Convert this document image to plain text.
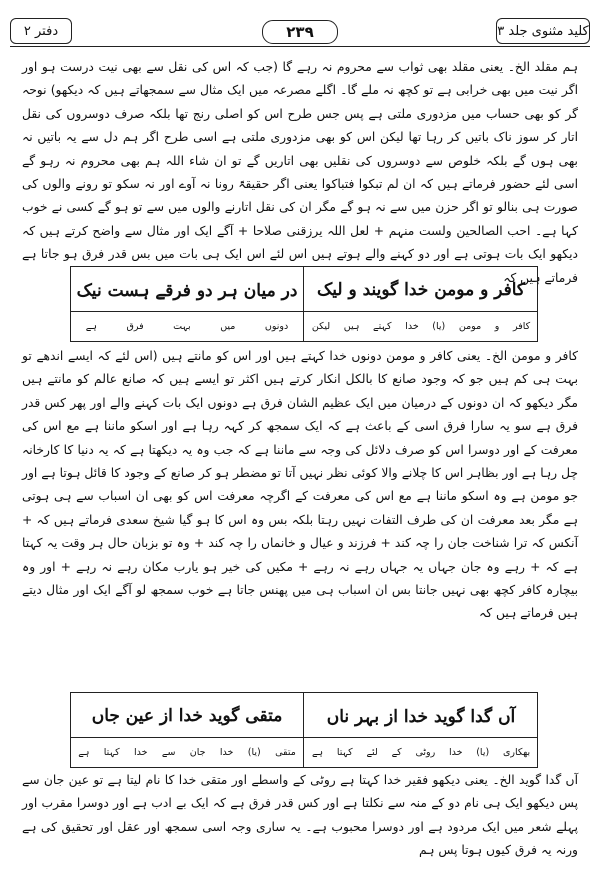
کلید مثنوی جلد ۳
۲۳۹
دفتر ۲
ہم مقلد الخ۔ یعنی مقلد بھی ثواب سے محروم نہ رہے گا (جب کہ اس کی نقل سے بھی نیت درست ہو اور اگر نیت میں بھی خرابی ہے تو کچھ نہ ملے گا۔ اگلے مصرعہ میں ایک مثال سے سمجھاتے ہیں کہ دیکھو) نوحہ گر کو بھی حساب میں مزدوری ملتی ہے پس جس طرح اس کو اصلی رنج تھا بلکہ صرف دوسروں کی نقل اتار کر سوز ناک باتیں کر رہا تھا لیکن اس کو بھی مزدوری ملتی ہے اسی طرح اگر ہم دل سے یہ باتیں نہ بھی ہوں گے بلکہ خلوص سے دوسروں کی نقلیں بھی اتاریں گے تو ان شاء اللہ ہم بھی محروم نہ رہو گے اسی لئے حضور فرماتے ہیں کہ ان لم تبکوا فتباکوا یعنی اگر حقیقۃً رونا نہ آوے اور نہ سکو تو رونے والوں کی صورت ہی بنالو تو اگر حزن میں سے نہ ہو گے مگر ان کی نقل اتارنے والوں میں سے تو ہو گے کسی نے خوب کہا ہے۔ احب الصالحین ولست منہم + لعل اللہ یرزقنی صلاحا + آگے ایک اور مثال سے واضح کرتے ہیں کہ دیکھو ایک بات ہوتی ہے اور دو کہنے والے ہوتے ہیں اس لئے اس ایک ہی بات میں بس قدر فرق ہو جاتا ہے فرماتے ہیں کہ
کافر و مومن خدا گویند و لیک
در میان ہر دو فرقے ہست نیک
کافر
و
مومن
(یا)
خدا
کہتے
ہیں
لیکن
دونوں
میں
بہت
فرق
ہے
کافر و مومن الخ۔ یعنی کافر و مومن دونوں خدا کہتے ہیں اور اس کو مانتے ہیں (اس لئے کہ ایسے اندھے تو بہت ہی کم ہیں جو کہ وجود صانع کا بالکل انکار کرتے ہیں اکثر تو ایسے ہیں کہ صانع عالم کو مانتے ہیں مگر دیکھو کہ ان دونوں کے درمیان میں ایک عظیم الشان فرق ہے دونوں ایک بات کہنے والے اور پھر کس قدر فرق ہے سو یہ سارا فرق اسی کے باعث ہے کہ ایک سمجھ کر کہہ رہا ہے اور اسکو ماننا ہے مع اس کی معرفت کے اور دوسرا اس کو صرف دلائل کی وجہ سے ماننا ہے کہ جب وہ یہ دیکھتا ہے کہ یہ دنیا کا کارخانہ چل رہا ہے اور بظاہر اس کا چلانے والا کوئی نظر نہیں آتا تو مضطر ہو کر صانع کے وجود کا قائل ہوتا ہے اور جو مومن ہے وہ اسکو ماننا ہے مع اس کی معرفت کے اگرچہ معرفت اس کو بھی ان اسباب سے ہی ہوتی ہے مگر بعد معرفت ان کی طرف التفات نہیں رہتا بلکہ بس وہ اس کا ہو گیا شیخ سعدی فرماتے ہیں کہ + آنکس کہ ترا شناخت جان را چہ کند + فرزند و عیال و خانماں را چہ کند + وہ تو بزبان حال ہر وقت یہ کہتا ہے کہ + رہے وہ جان جہاں یہ جہاں رہے نہ رہے + مکیں کی خیر ہو یارب مکان رہے نہ رہے + اور وہ بیچارہ کافر کچھ بھی نہیں جانتا بس ان اسباب ہی میں پھنس جاتا ہے خوب سمجھ لو آگے ایک اور مثال دیتے ہیں فرماتے ہیں کہ
آں گدا گوید خدا از بہر ناں
متقی گوید خدا از عین جاں
بھکاری
(یا)
خدا
روٹی
کے
لئے
کہتا
ہے
متقی
(یا)
خدا
جان
سے
خدا
کہتا
ہے
آں گدا گوید الخ۔ یعنی دیکھو فقیر خدا کہتا ہے روٹی کے واسطے اور متقی خدا کا نام لیتا ہے تو عین جان سے پس دیکھو ایک ہی نام دو کے منہ سے نکلتا ہے اور کس قدر فرق ہے کہ ایک بے ادب ہے اور دوسرا مقرب اور پہلے شعر میں ایک مردود ہے اور دوسرا محبوب ہے۔ یہ ساری وجہ اسی سمجھ اور عقل اور تحقیق کی ہے ورنہ یہ فرق کیوں ہوتا پس ہم
